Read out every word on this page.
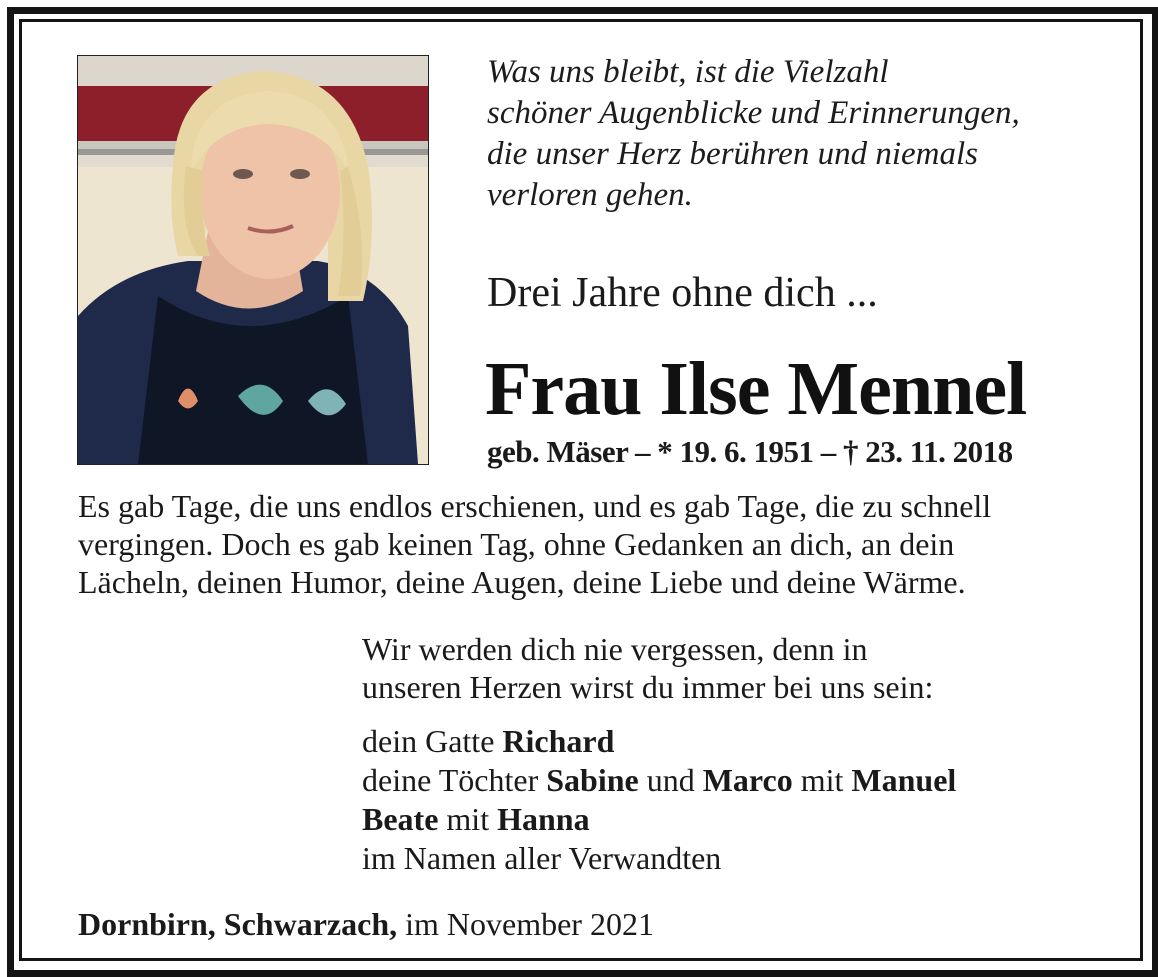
Was uns bleibt, ist die Vielzahl
schöner Augenblicke und Erinnerungen,
die unser Herz berühren und niemals
verloren gehen.
Drei Jahre ohne dich ...
Frau Ilse Mennel
geb. Mäser – * 19. 6. 1951 – † 23. 11. 2018
Es gab Tage, die uns endlos erschienen, und es gab Tage, die zu schnell
vergingen. Doch es gab keinen Tag, ohne Gedanken an dich, an dein
Lächeln, deinen Humor, deine Augen, deine Liebe und deine Wärme.
Wir werden dich nie vergessen, denn in
unseren Herzen wirst du immer bei uns sein:
dein Gatte Richard
deine Töchter Sabine und Marco mit Manuel
Beate mit Hanna
im Namen aller Verwandten
Dornbirn, Schwarzach, im November 2021
